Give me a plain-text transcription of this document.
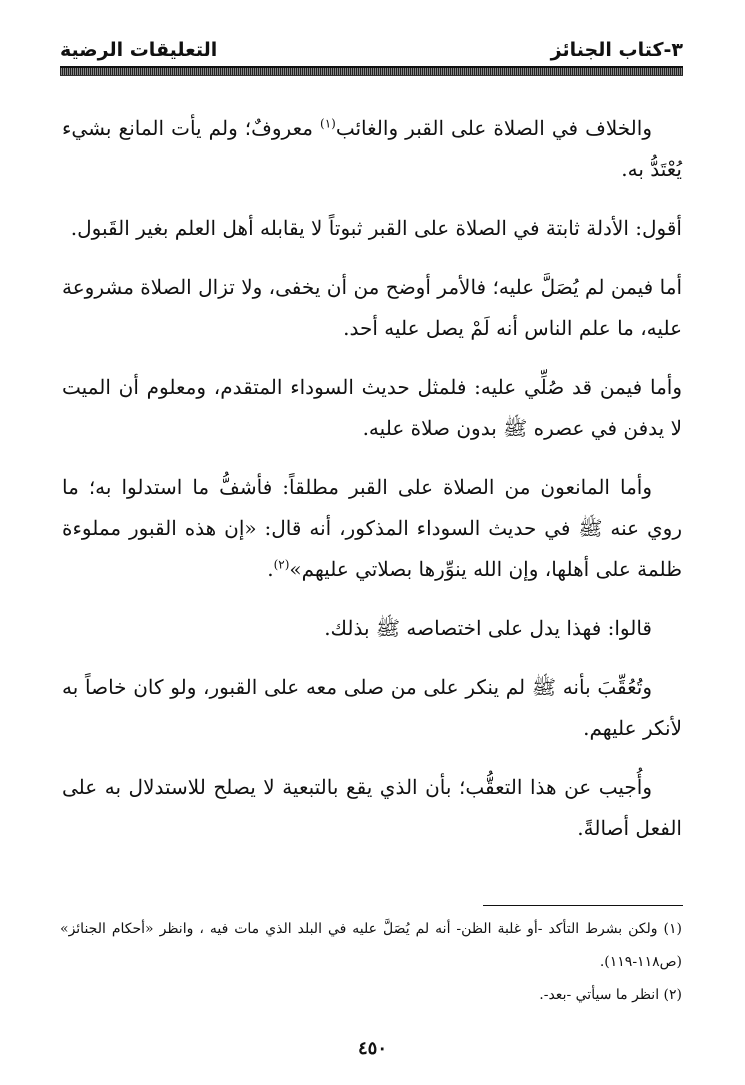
٣-كتاب الجنائز
التعليقات الرضية

والخلاف في الصلاة على القبر والغائب$^{(١)}$ معروفٌ؛ ولم يأت المانع بشيء يُعْتَدُّ به.

أقول: الأدلة ثابتة في الصلاة على القبر ثبوتاً لا يقابله أهل العلم بغير القَبول.

أما فيمن لم يُصَلَّ عليه؛ فالأمر أوضح من أن يخفى، ولا تزال الصلاة مشروعة عليه، ما علم الناس أنه لَمْ يصل عليه أحد.

وأما فيمن قد صُلِّي عليه: فلمثل حديث السوداء المتقدم، ومعلوم أن الميت لا يدفن في عصره ﷺ بدون صلاة عليه.

وأما المانعون من الصلاة على القبر مطلقاً: فأشفُّ ما استدلوا به؛ ما روي عنه ﷺ في حديث السوداء المذكور، أنه قال: «إن هذه القبور مملوءة ظلمة على أهلها، وإن الله ينوِّرها بصلاتي عليهم»$^{(٢)}$.

قالوا: فهذا يدل على اختصاصه ﷺ بذلك.

وتُعُقِّبَ بأنه ﷺ لم ينكر على من صلى معه على القبور، ولو كان خاصاً به لأنكر عليهم.

وأُجيب عن هذا التعقُّب؛ بأن الذي يقع بالتبعية لا يصلح للاستدلال به على الفعل أصالةً.

(١) ولكن بشرط التأكد -أو غلبة الظن- أنه لم يُصَلَّ عليه في البلد الذي مات فيه ، وانظر «أحكام الجنائز» (ص١١٨-١١٩).

(٢) انظر ما سيأتي -بعد-.

٤٥٠
